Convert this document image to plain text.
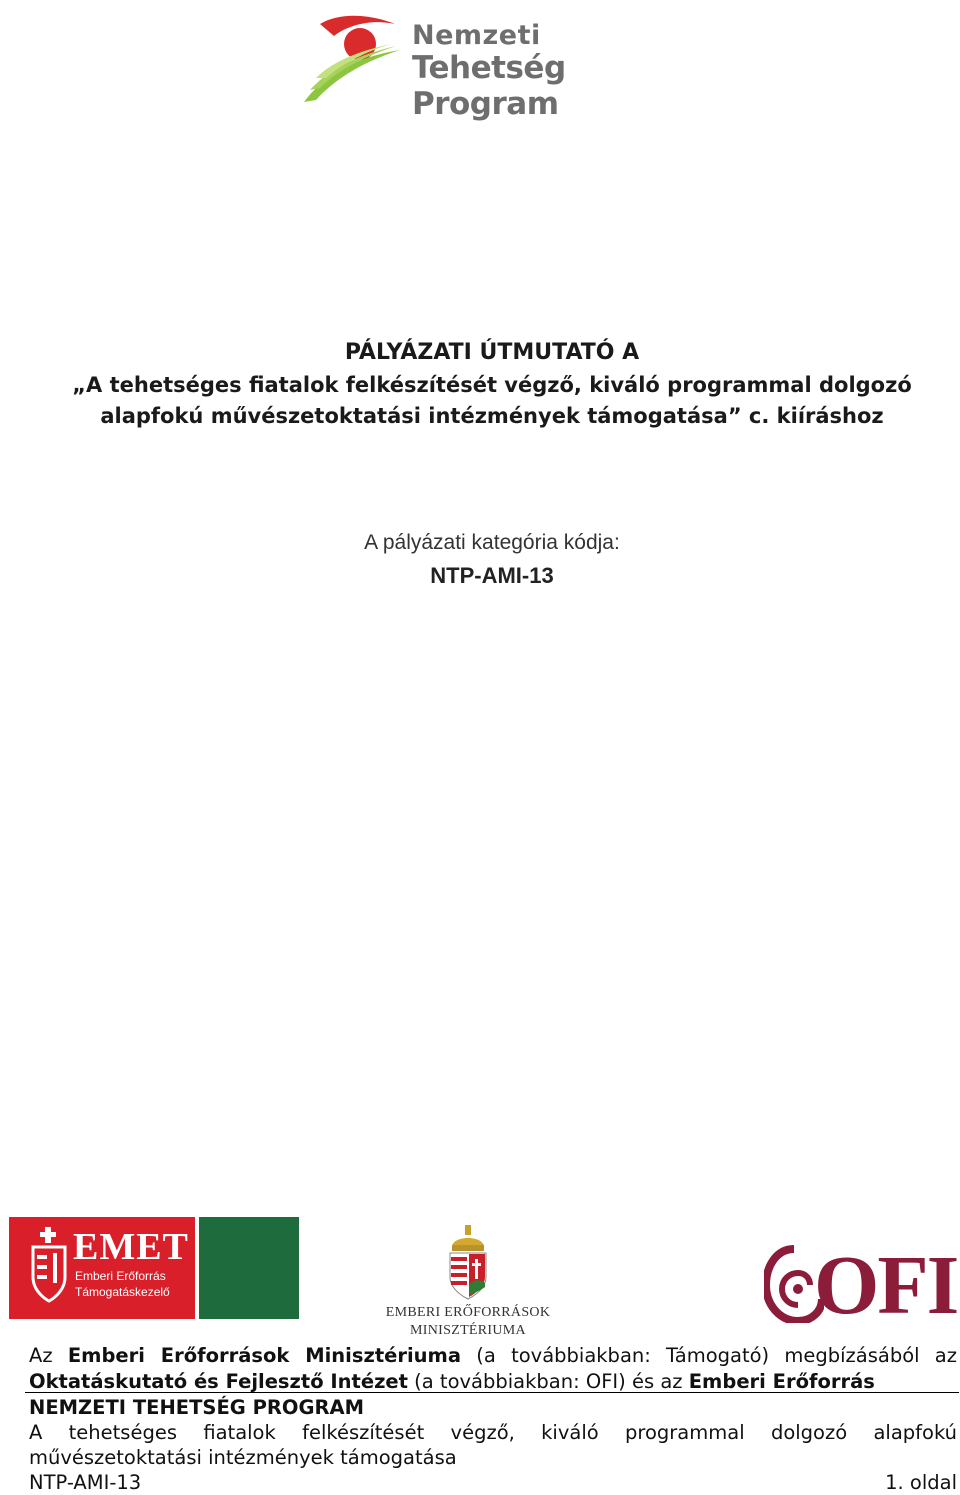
Nemzeti
Tehetség Program
PÁLYÁZATI ÚTMUTATÓ A
„A tehetséges fiatalok felkészítését végző, kiváló programmal dolgozó
alapfokú művészetoktatási intézmények támogatása” c. kiíráshoz
A pályázati kategória kódja:
NTP-AMI-13
EMET
Emberi Erőforrás
Támogatáskezelő
EMBERI ERŐFORRÁSOK
MINISZTÉRIUMA	OFI
Az Emberi Erőforrások Minisztériuma (a továbbiakban: Támogató) megbízásából az Oktatáskutató és Fejlesztő Intézet (a továbbiakban: OFI) és az Emberi Erőforrás
NEMZETI TEHETSÉG PROGRAM
A tehetséges fiatalok felkészítését végző, kiváló programmal dolgozó alapfokú
művészetoktatási intézmények támogatása
NTP-AMI-13	1. oldal
